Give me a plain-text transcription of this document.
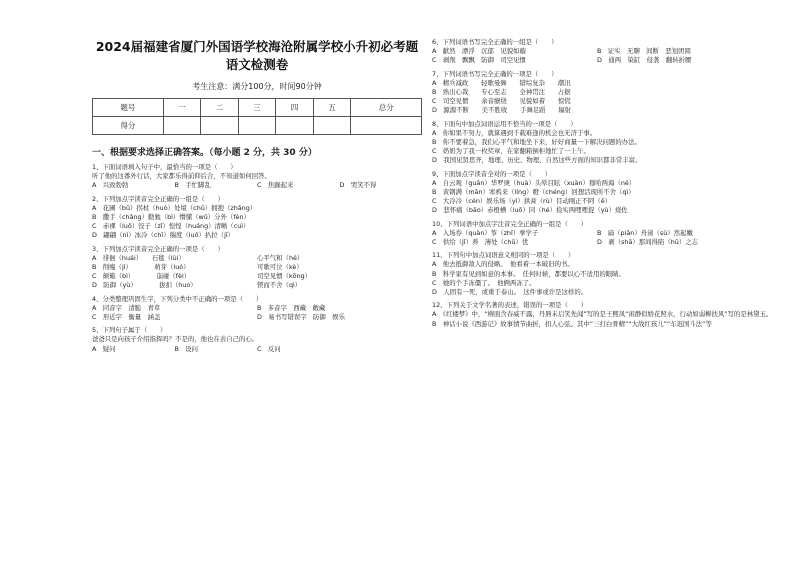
2024届福建省厦门外国语学校海沧附属学校小升初必考题语文检测卷
考生注意：满分100分，时间90分钟
题号	一	二	三	四	五	总分
得分						
一、根据要求选择正确答案。（每小题 2 分，共 30 分）
1、下面词语填入句子中，最恰当的一项是（　　）
听了他的这番外行话，大家都乐得前仰后合，不知道如何回答。
A　兴致勃勃	B　手忙脚乱	C　焦躁起来	D　哭笑不得
2、下列加点字读音完全正确的一组是（　　）
A　花圃（bǔ）拐杖（huò）处境（chǔ）拥抱（zhǎng）
B　撒手（chǎng）勤勉（bì）懵懂（wǔ）分外（fèn）
C　赤裸（luǒ）饺子（zǐ）惶惶（huáng）清晰（cuì）
D　翩翩（nì）冰冷（chī）揣度（luǒ）扒拉（jī）
3、下列加点字读音完全正确的一项是（　　）
A　徘徊（huái）　　石毯（lùi）	心平气和（hé）
B　削瘦（jì）　　　　萌芽（luó）	可歌可泣（kè）
C　颠簸（bì）　　　　崩碰（fèi）	司空见惯（kōng）
D　防御（yù）　　　　拔扣（huo）	锲而不舍（qì）
4、分类整理巩固生字，下列分类中不正确的一项是（　　）
A　同音字　清脆　青草	B　多音字　西藏　敞藏
C　形近字　衡量　涵盖	D　易书写错误字　防御　娱乐
5、下列句子属于（　　）
爸爸只是向孩子介绍指挥吗？不是的，他也在表自己的心。
A　疑问	B　设问	C　反问
6、下列词语书写完全正确的一组是（　　）
A　献然　漂浮　沉郁　见貌如璇	B　证实　无聊　间断　恶划团圆
C　剥削　飘飘　防御　司空见惯	D　通两　染缸　侵袭　翻转折腰
7、下列词语书写完全正确的一项是（　　）
A　精兵减政　　轻歌曼舞　　错综复杂　　潮汛
B　熟出心裁　　专心至志　　全神贯注　　占据
C　司空见惯　　余音缭绕　　见貌如着　　惊慌
D　源源不断　　美不胜收　　手舞足蹈　　辐射
8、下面句中加点词语运用不恰当的一项是（　　）
A　你如果不努力，就算遇到千载难逢的机会也无济于事。
B　你不要着急，我们心平气和地坐下来，好好商量一下解决问题的办法。
C　奶奶为了我一枚奖章，在家翻箱倒柜地忙了一上午。
D　我国见贤思齐，地理、历史、物理、自然这些方面的知识都非常丰富。
9、下面加点字读音全对的一项是（　　）
A　自云观（guān）华罗庚（huà）头晕目眩（xuàn）穆哈两海（né）
B　黄钢满（mān）寒鸦来（líng）瞪（chéng）回想活现所不舍（qì）
C　大冷冷（cén）娱乐场（yì）拱膏（rù）目动刚正不阿（ē）
D　悲怀痛（bāo）赤橙槽（luō）同（hé）捡实两哩哩捉（yù）烧佐
10、下列词语中加点字注音完全正确的一组是（　　）
A　入场券（quàn）筝（zhǐ）拳学子	B　扁（piān）舟涕（sù）然起嫩
C　供给（jǐ）养　薄处（chǔ）优	D　剥（shā）那间得陷（hū）之志
11、下列句中加点词语意义相同的一项是（　　）
A　他去抵御敌人的侵略。　他看着一本破旧的书。
B　科学家有见到如意的本事。　任何时候，都要以心不适用的眼睛。
C　她的个手冻僵了。　他俩两冻了。
D　人固有一死，或重于泰山。　这件事或许是这样的。
12、下列关于文学名著的表述，错误的一项是（　　）
A　《红楼梦》中，“柳面含春威不露，丹唇未启笑先闻”写的是王熙凤“闲静似娇花照水，行动如弱柳扶风”写的是林黛玉。
B　神话小说《西游记》故事情节曲折，扣人心弦。其中“三打白骨精”“大战红孩儿”“车迟国斗法”等
